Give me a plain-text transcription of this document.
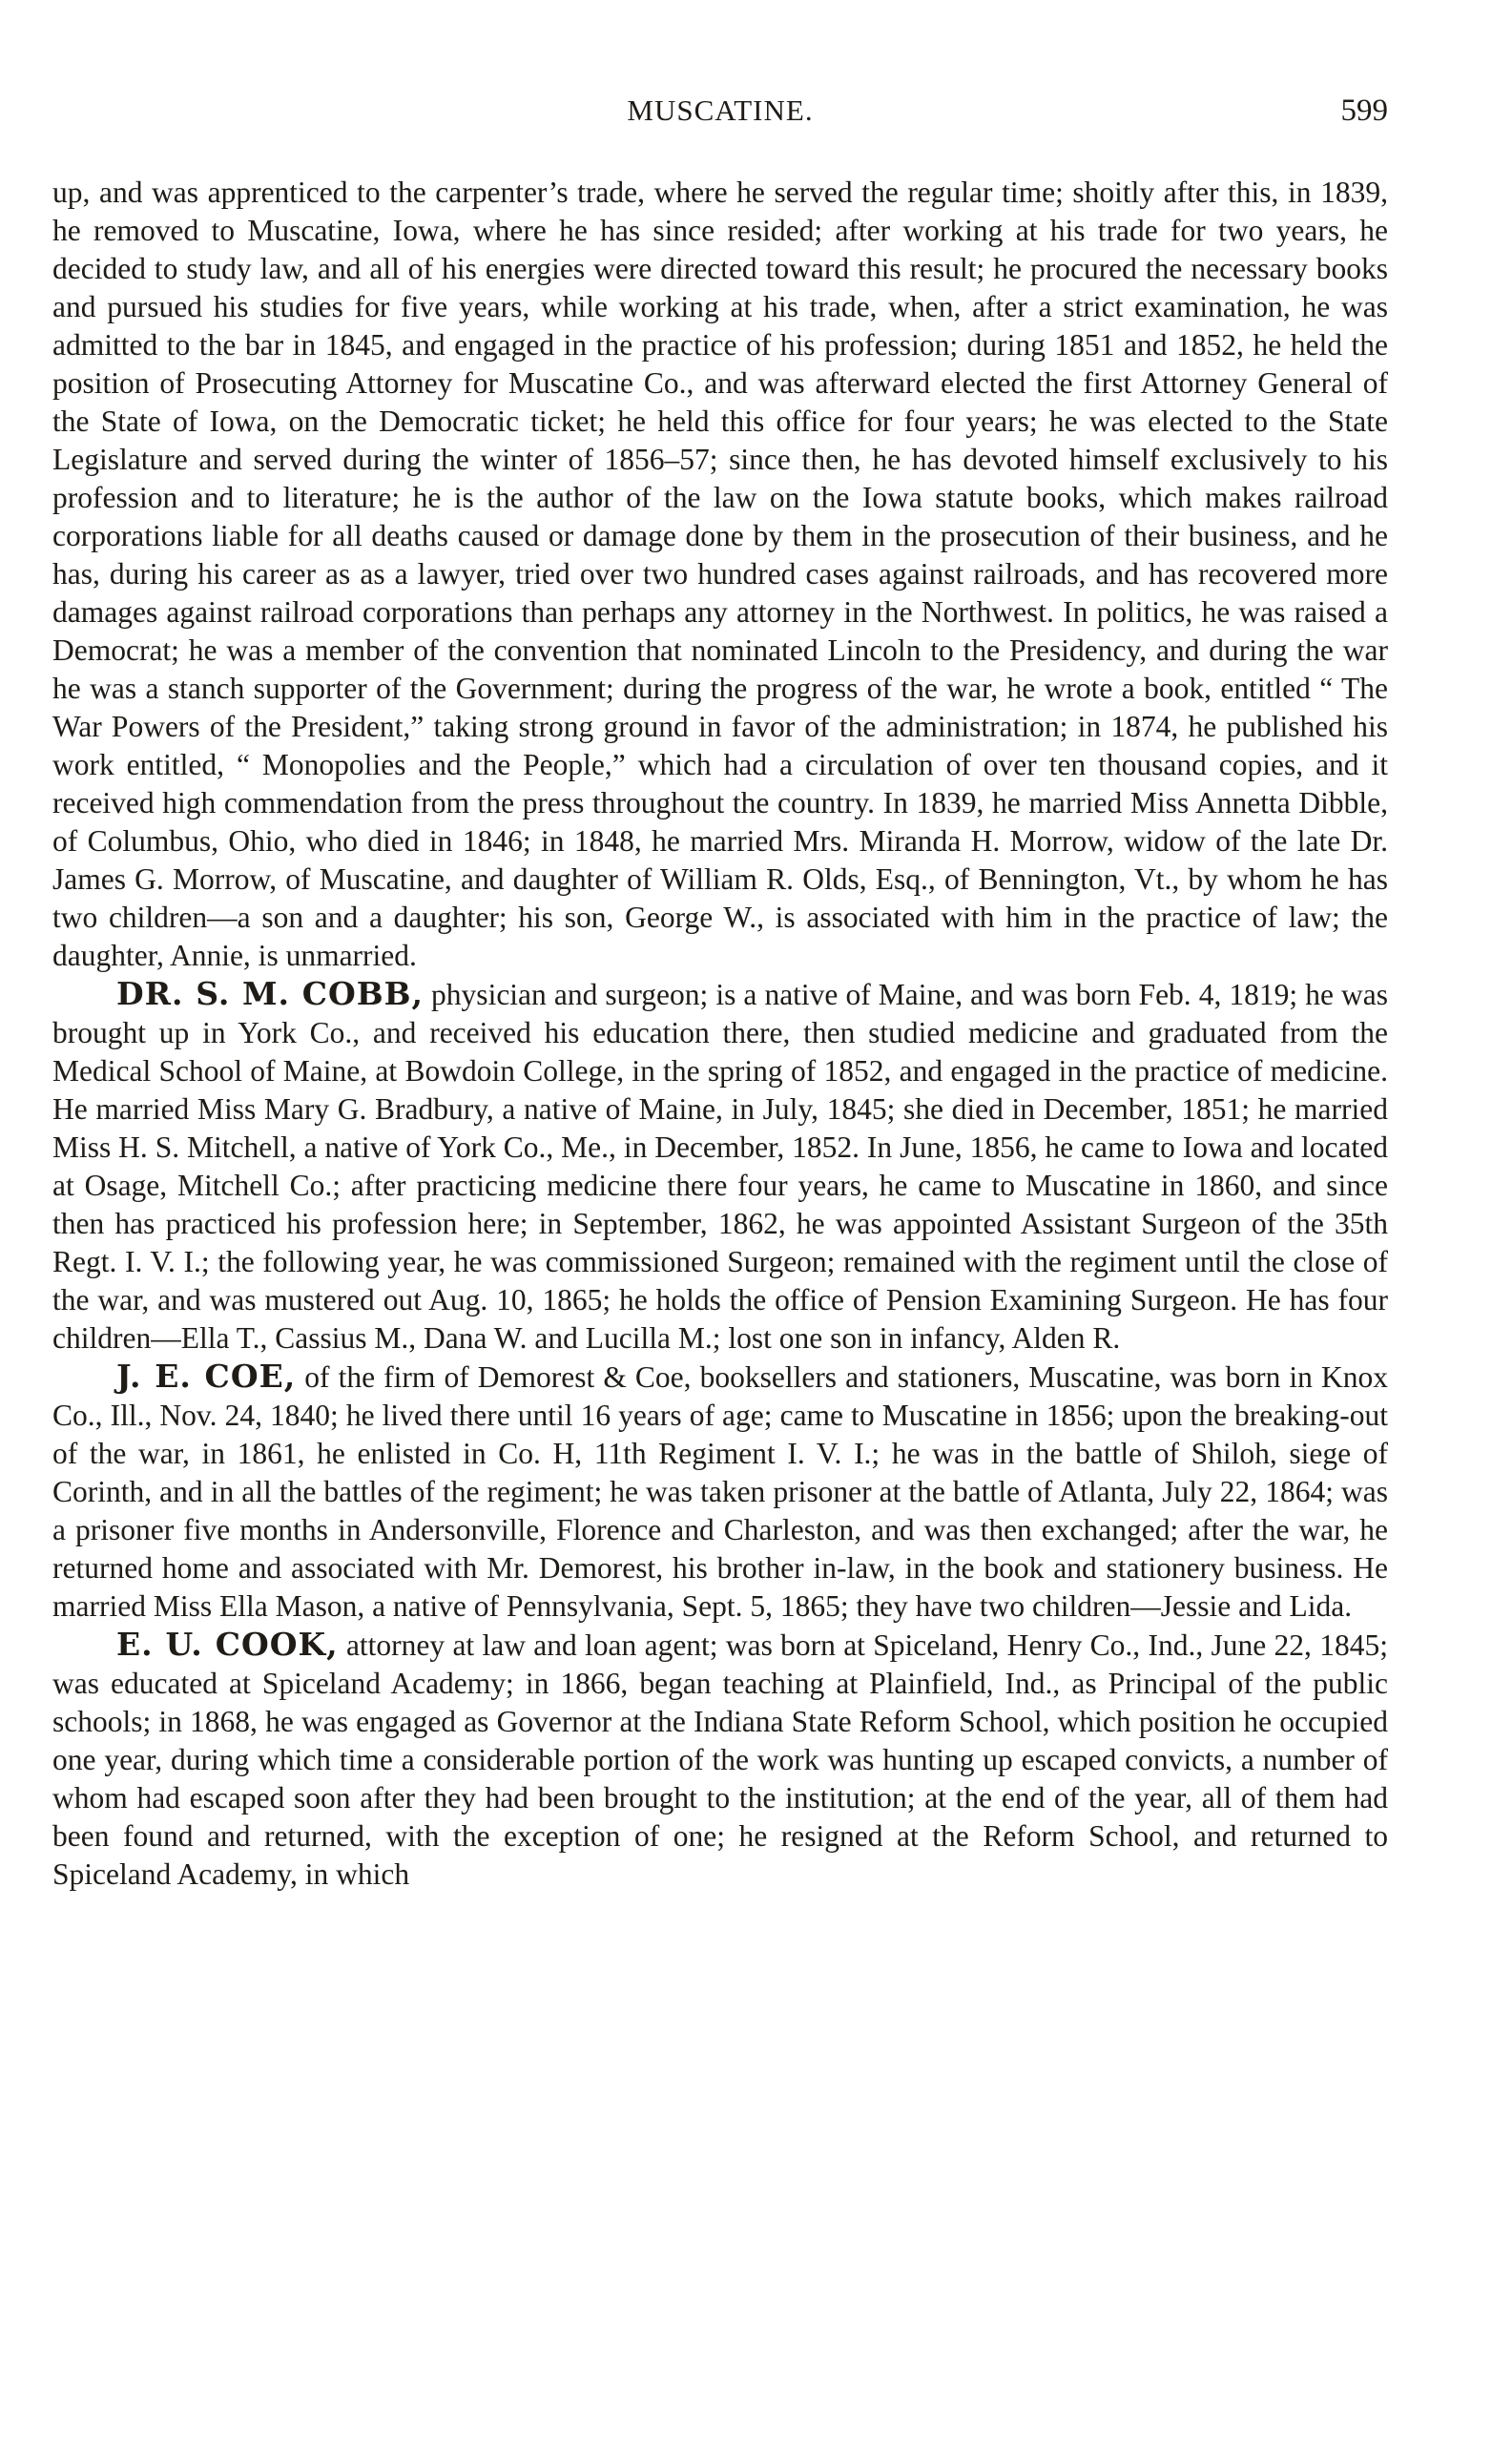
MUSCATINE.	599

up, and was apprenticed to the carpenter’s trade, where he served the regular time; shoitly after this, in 1839, he removed to Muscatine, Iowa, where he has since resided; after working at his trade for two years, he decided to study law, and all of his energies were directed toward this result; he procured the necessary books and pursued his studies for five years, while working at his trade, when, after a strict examination, he was admitted to the bar in 1845, and engaged in the practice of his profession; during 1851 and 1852, he held the position of Prosecuting Attorney for Muscatine Co., and was afterward elected the first Attorney General of the State of Iowa, on the Democratic ticket; he held this office for four years; he was elected to the State Legislature and served during the winter of 1856–57; since then, he has devoted himself exclusively to his profession and to literature; he is the author of the law on the Iowa statute books, which makes railroad corporations liable for all deaths caused or damage done by them in the prosecution of their business, and he has, during his career as as a lawyer, tried over two hundred cases against railroads, and has recovered more damages against railroad corporations than perhaps any attorney in the Northwest. In politics, he was raised a Democrat; he was a member of the convention that nominated Lincoln to the Presidency, and during the war he was a stanch supporter of the Government; during the progress of the war, he wrote a book, entitled “ The War Powers of the President,” taking strong ground in favor of the administration; in 1874, he published his work entitled, “ Monopolies and the People,” which had a circulation of over ten thousand copies, and it received high commendation from the press throughout the country. In 1839, he married Miss Annetta Dibble, of Columbus, Ohio, who died in 1846; in 1848, he married Mrs. Miranda H. Morrow, widow of the late Dr. James G. Morrow, of Muscatine, and daughter of William R. Olds, Esq., of Bennington, Vt., by whom he has two children—a son and a daughter; his son, George W., is associated with him in the practice of law; the daughter, Annie, is unmarried.

DR. S. M. COBB, physician and surgeon; is a native of Maine, and was born Feb. 4, 1819; he was brought up in York Co., and received his education there, then studied medicine and graduated from the Medical School of Maine, at Bowdoin College, in the spring of 1852, and engaged in the practice of medicine. He married Miss Mary G. Bradbury, a native of Maine, in July, 1845; she died in December, 1851; he married Miss H. S. Mitchell, a native of York Co., Me., in December, 1852. In June, 1856, he came to Iowa and located at Osage, Mitchell Co.; after practicing medicine there four years, he came to Muscatine in 1860, and since then has practiced his profession here; in September, 1862, he was appointed Assistant Surgeon of the 35th Regt. I. V. I.; the following year, he was commissioned Surgeon; remained with the regiment until the close of the war, and was mustered out Aug. 10, 1865; he holds the office of Pension Examining Surgeon. He has four children—Ella T., Cassius M., Dana W. and Lucilla M.; lost one son in infancy, Alden R.

J. E. COE, of the firm of Demorest & Coe, booksellers and stationers, Muscatine, was born in Knox Co., Ill., Nov. 24, 1840; he lived there until 16 years of age; came to Muscatine in 1856; upon the breaking-out of the war, in 1861, he enlisted in Co. H, 11th Regiment I. V. I.; he was in the battle of Shiloh, siege of Corinth, and in all the battles of the regiment; he was taken prisoner at the battle of Atlanta, July 22, 1864; was a prisoner five months in Andersonville, Florence and Charleston, and was then exchanged; after the war, he returned home and associated with Mr. Demorest, his brother in-law, in the book and stationery business. He married Miss Ella Mason, a native of Pennsylvania, Sept. 5, 1865; they have two children—Jessie and Lida.

E. U. COOK, attorney at law and loan agent; was born at Spiceland, Henry Co., Ind., June 22, 1845; was educated at Spiceland Academy; in 1866, began teaching at Plainfield, Ind., as Principal of the public schools; in 1868, he was engaged as Governor at the Indiana State Reform School, which position he occupied one year, during which time a considerable portion of the work was hunting up escaped convicts, a number of whom had escaped soon after they had been brought to the institution; at the end of the year, all of them had been found and returned, with the exception of one; he resigned at the Reform School, and returned to Spiceland Academy, in which
